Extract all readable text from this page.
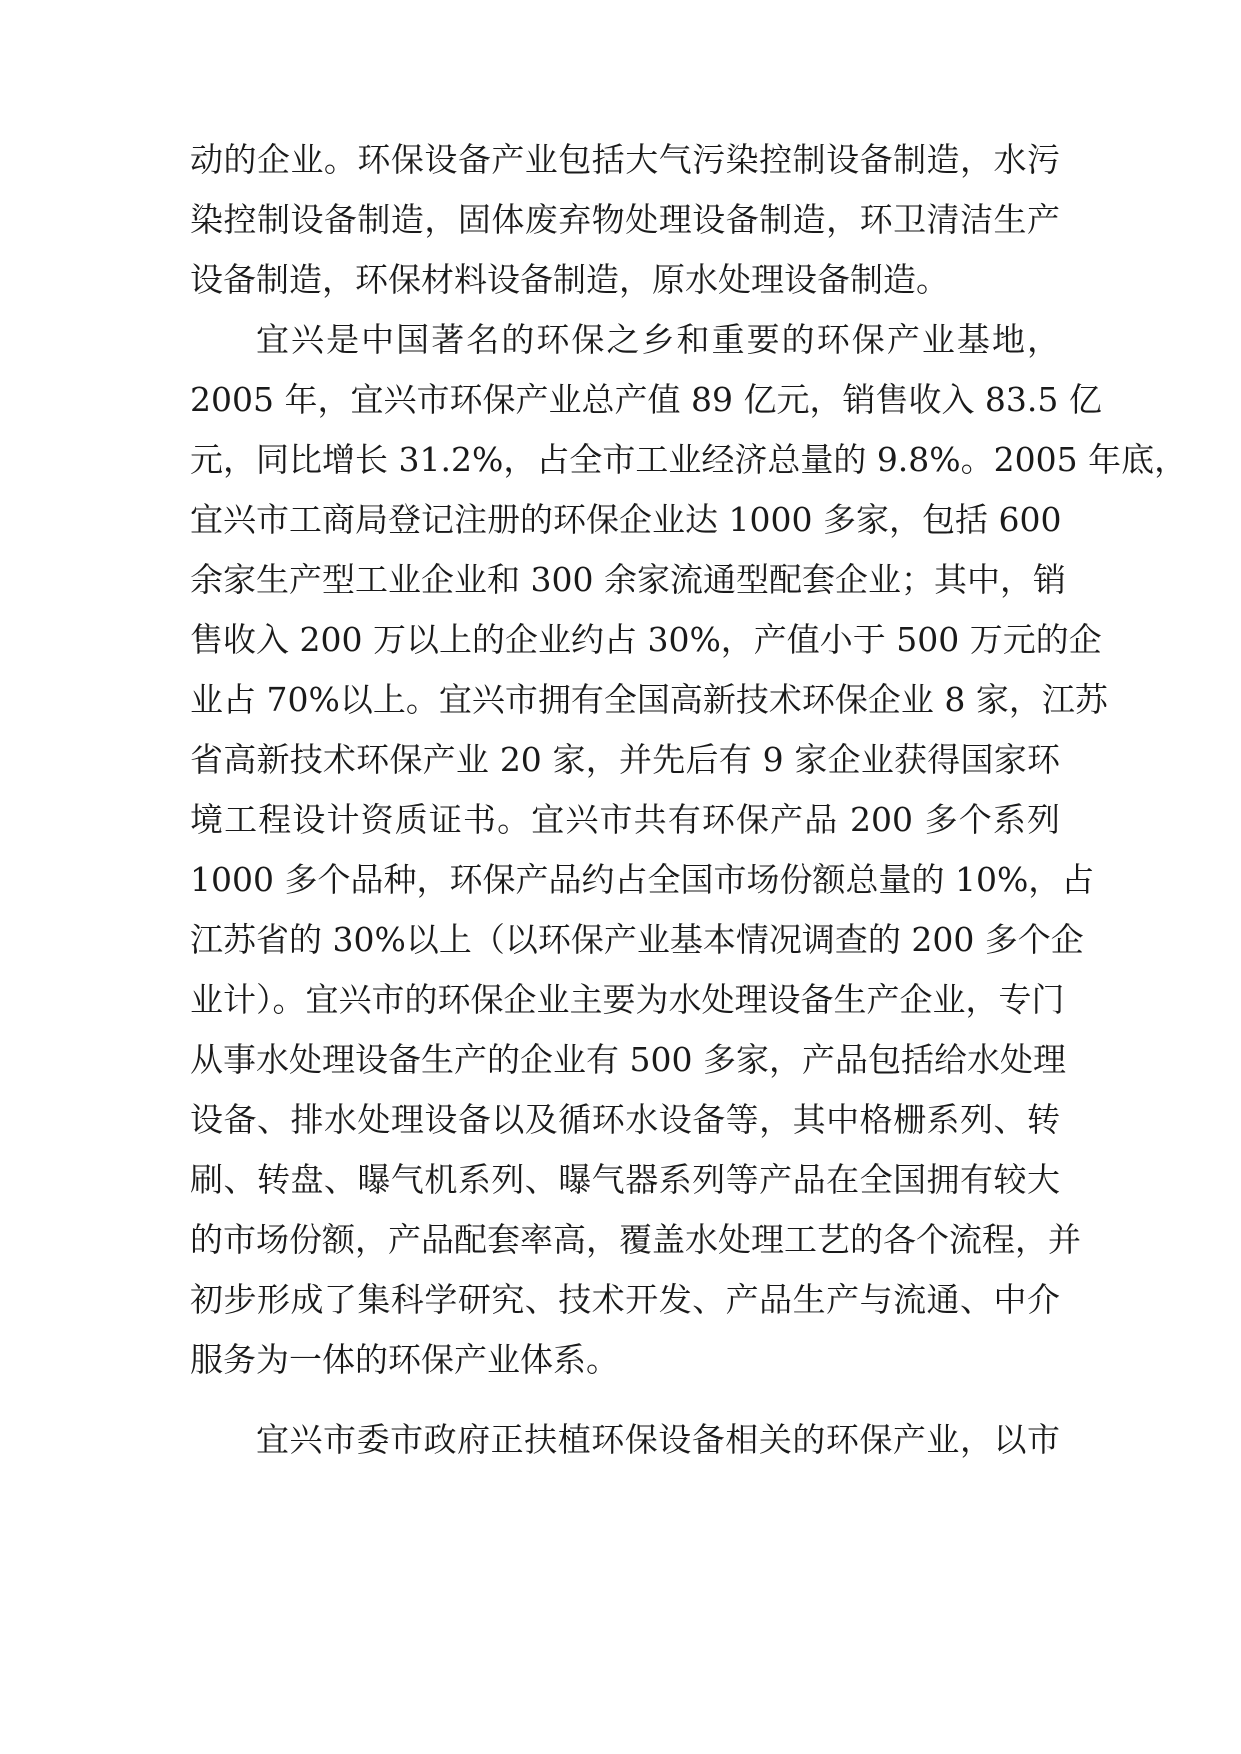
动的企业。环保设备产业包括大气污染控制设备制造，水污
染控制设备制造，固体废弃物处理设备制造，环卫清洁生产
设备制造，环保材料设备制造，原水处理设备制造。
宜兴是中国著名的环保之乡和重要的环保产业基地，
2005 年，宜兴市环保产业总产值 89 亿元，销售收入 83.5 亿
元，同比增长 31.2%，占全市工业经济总量的 9.8%。2005 年底，
宜兴市工商局登记注册的环保企业达 1000 多家，包括 600
余家生产型工业企业和 300 余家流通型配套企业；其中，销
售收入 200 万以上的企业约占 30%，产值小于 500 万元的企
业占 70%以上。宜兴市拥有全国高新技术环保企业 8 家，江苏
省高新技术环保产业 20 家，并先后有 9 家企业获得国家环
境工程设计资质证书。宜兴市共有环保产品 200 多个系列
1000 多个品种，环保产品约占全国市场份额总量的 10%，占
江苏省的 30%以上（以环保产业基本情况调查的 200 多个企
业计）。宜兴市的环保企业主要为水处理设备生产企业，专门
从事水处理设备生产的企业有 500 多家，产品包括给水处理
设备、排水处理设备以及循环水设备等，其中格栅系列、转
刷、转盘、曝气机系列、曝气器系列等产品在全国拥有较大
的市场份额，产品配套率高，覆盖水处理工艺的各个流程，并
初步形成了集科学研究、技术开发、产品生产与流通、中介
服务为一体的环保产业体系。
宜兴市委市政府正扶植环保设备相关的环保产业，以市
